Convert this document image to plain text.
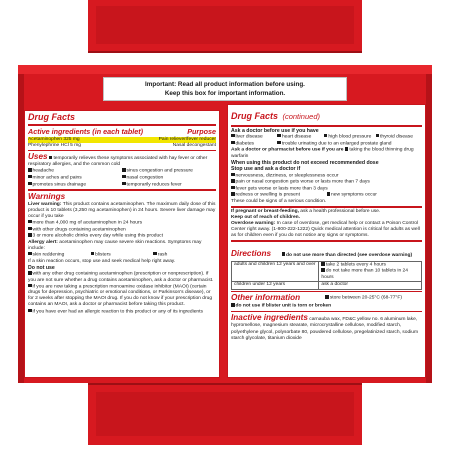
Important: Read all product information before using.
Keep this box for important information.
Drug Facts
Active ingredients (in each tablet)	Purpose
Acetaminophen 325 mg	Pain reliever/fever reducer
Phenylephrine HCl 5 mg	Nasal decongestant
Uses temporarily relieves these symptoms associated with hay fever or other respiratory allergies, and the common cold
headache	sinus congestion and pressure
minor aches and pains	nasal congestion
promotes sinus drainage	temporarily reduces fever
Warnings
Liver warning: This product contains acetaminophen. The maximum daily dose of this product is 10 tablets (3,250 mg acetaminophen) in 24 hours. Severe liver damage may occur if you take
more than 4,000 mg of acetaminophen in 24 hours
with other drugs containing acetaminophen
3 or more alcoholic drinks every day while using this product
Allergy alert: acetaminophen may cause severe skin reactions. Symptoms may include:
skin reddening	blisters	rash
If a skin reaction occurs, stop use and seek medical help right away.
Do not use
with any other drug containing acetaminophen (prescription or nonprescription). If you are not sure whether a drug contains acetaminophen, ask a doctor or pharmacist.
if you are now taking a prescription monoamine oxidase inhibitor (MAOI) (certain drugs for depression, psychiatric or emotional conditions, or Parkinson's disease), or for 2 weeks after stopping the MAOI drug. If you do not know if your prescription drug contains an MAOI, ask a doctor or pharmacist before taking this product.
if you have ever had an allergic reaction to this product or any of its ingredients
Drug Facts (continued)
Ask a doctor before use if you have
liver disease	heart disease	high blood pressure	thyroid disease
diabetes	trouble urinating due to an enlarged prostate gland
Ask a doctor or pharmacist before use if you are taking the blood thinning drug warfarin
When using this product do not exceed recommended dose
Stop use and ask a doctor if
nervousness, dizziness, or sleeplessness occur
pain or nasal congestion gets worse or lasts more than 7 days
fever gets worse or lasts more than 3 days
redness or swelling is present	new symptoms occur
These could be signs of a serious condition.
If pregnant or breast-feeding, ask a health professional before use.
Keep out of reach of children.
Overdose warning: In case of overdose, get medical help or contact a Poison Control Center right away. (1-800-222-1222) Quick medical attention is critical for adults as well as for children even if you do not notice any signs or symptoms.
Directions	do not use more than directed (see overdose warning)
adults and children 12 years and over	take 2 tablets every 4 hours
do not take more than 10 tablets in 24 hours

children under 12 years	ask a doctor
Other information	store between 20-25°C (68-77°F)
do not use if blister unit is torn or broken
Inactive ingredients carnauba wax, FD&C yellow no. 6 aluminum lake, hypromellose, magnesium stearate, microcrystalline cellulose, modified starch, polyethylene glycol, polysorbate 80, powdered cellulose, pregelatinized starch, sodium starch glycolate, titanium dioxide
